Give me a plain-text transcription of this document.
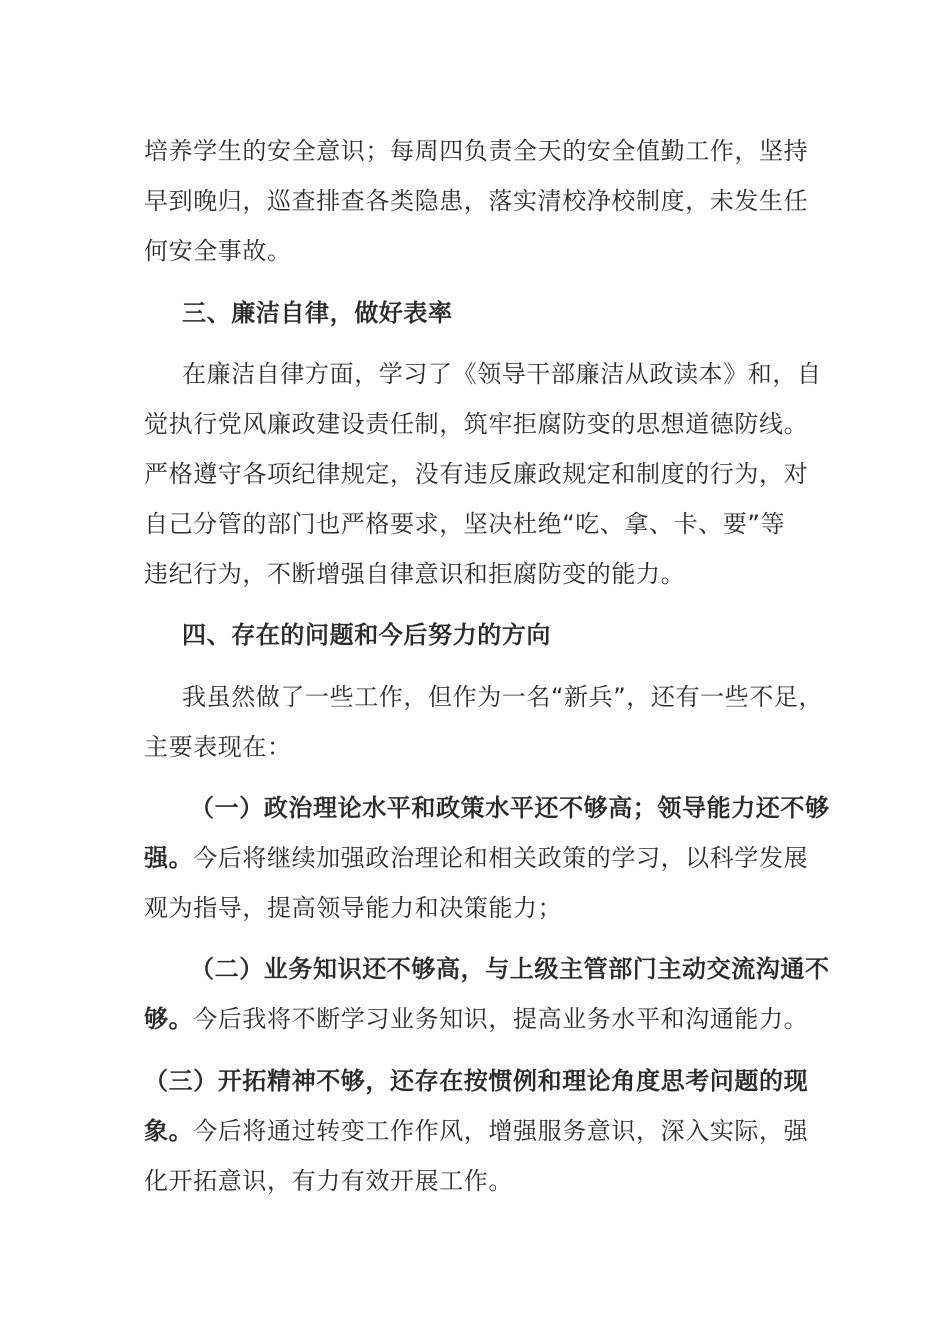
培养学生的安全意识；每周四负责全天的安全值勤工作，坚持
早到晚归，巡查排查各类隐患，落实清校净校制度，未发生任
何安全事故。
三、廉洁自律，做好表率
在廉洁自律方面，学习了《领导干部廉洁从政读本》和，自
觉执行党风廉政建设责任制，筑牢拒腐防变的思想道德防线。
严格遵守各项纪律规定，没有违反廉政规定和制度的行为，对
自己分管的部门也严格要求，坚决杜绝“吃、拿、卡、要”等
违纪行为，不断增强自律意识和拒腐防变的能力。
四、存在的问题和今后努力的方向
我虽然做了一些工作，但作为一名“新兵”，还有一些不足，
主要表现在：
（一）政治理论水平和政策水平还不够高；领导能力还不够
强。今后将继续加强政治理论和相关政策的学习，以科学发展
观为指导，提高领导能力和决策能力；
（二）业务知识还不够高，与上级主管部门主动交流沟通不
够。今后我将不断学习业务知识，提高业务水平和沟通能力。
（三）开拓精神不够，还存在按惯例和理论角度思考问题的现
象。今后将通过转变工作作风，增强服务意识，深入实际，强
化开拓意识，有力有效开展工作。
